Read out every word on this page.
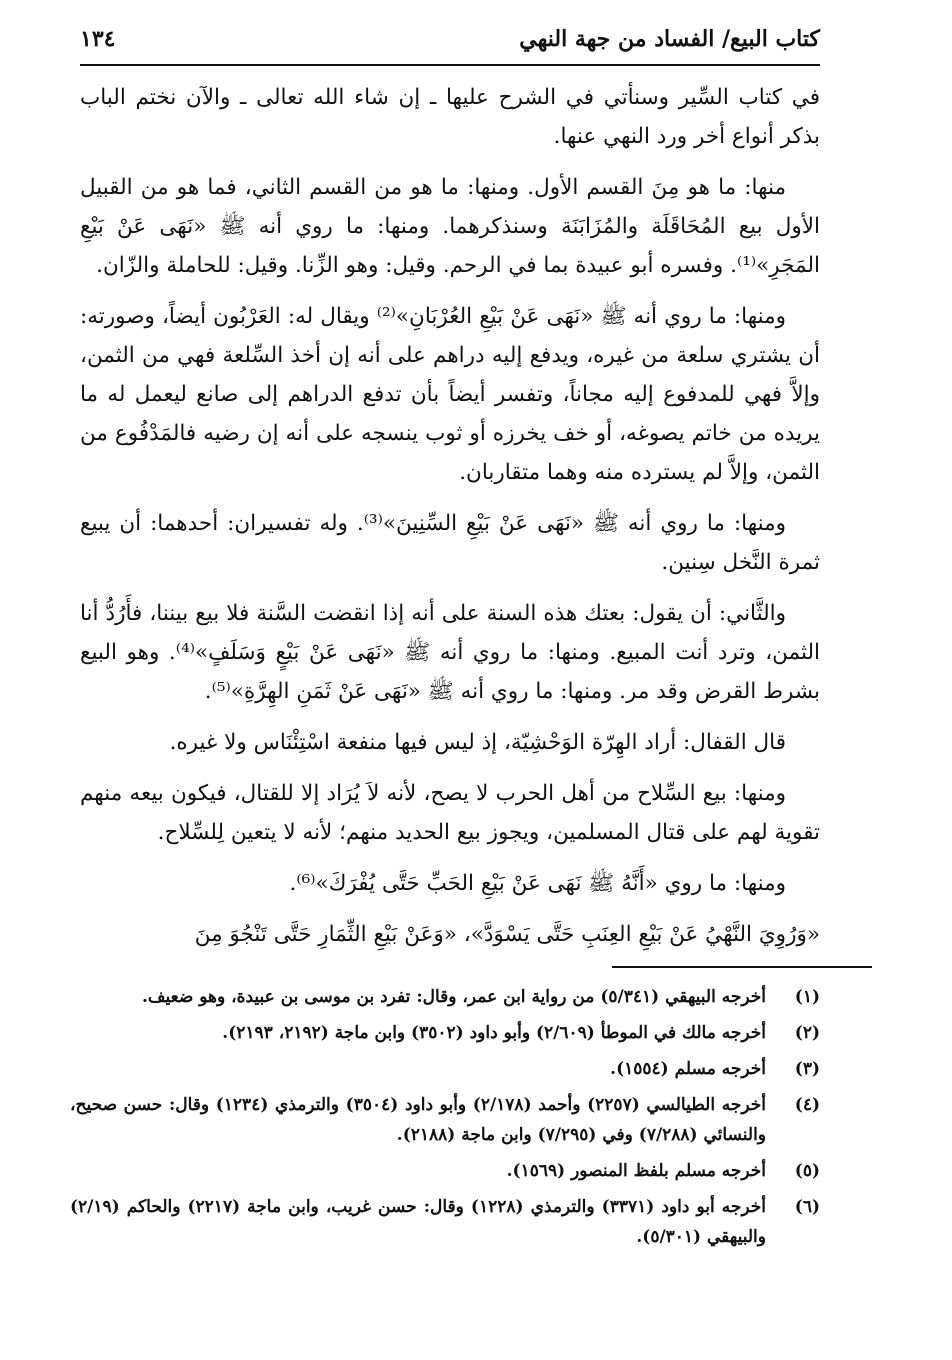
كتاب البيع/ الفساد من جهة النهي
١٣٤

في كتاب السِّير وسنأتي في الشرح عليها ـ إن شاء الله تعالى ـ والآن نختم الباب بذكر أنواع أخر ورد النهي عنها.

منها: ما هو مِنَ القسم الأول. ومنها: ما هو من القسم الثاني، فما هو من القبيل الأول بيع المُحَاقَلَة والمُزَابَنَة وسنذكرهما. ومنها: ما روي أنه ﷺ «نَهَى عَنْ بَيْعِ المَجَرِ»⁽¹⁾. وفسره أبو عبيدة بما في الرحم. وقيل: وهو الزِّنا. وقيل: للحاملة والزّان.

ومنها: ما روي أنه ﷺ «نَهَى عَنْ بَيْعِ العُرْبَانِ»⁽²⁾ ويقال له: العَرْبُون أيضاً، وصورته: أن يشتري سلعة من غيره، ويدفع إليه دراهم على أنه إن أخذ السِّلعة فهي من الثمن، وإلاَّ فهي للمدفوع إليه مجاناً، وتفسر أيضاً بأن تدفع الدراهم إلى صانع ليعمل له ما يريده من خاتم يصوغه، أو خف يخرزه أو ثوب ينسجه على أنه إن رضيه فالمَدْفُوع من الثمن، وإلاَّ لم يسترده منه وهما متقاربان.

ومنها: ما روي أنه ﷺ «نَهَى عَنْ بَيْعِ السِّنِينَ»⁽³⁾. وله تفسيران: أحدهما: أن يبيع ثمرة النَّخل سِنين.

والثَّاني: أن يقول: بعتك هذه السنة على أنه إذا انقضت السَّنة فلا بيع بيننا، فأَرُدُّ أنا الثمن، وترد أنت المبيع. ومنها: ما روي أنه ﷺ «نَهَى عَنْ بَيْعٍ وَسَلَفٍ»⁽⁴⁾. وهو البيع بشرط القرض وقد مر. ومنها: ما روي أنه ﷺ «نَهَى عَنْ ثَمَنِ الهِرَّةِ»⁽⁵⁾.

قال القفال: أراد الهِرّة الوَحْشِيّة، إذ ليس فيها منفعة اسْتِئْنَاس ولا غيره.

ومنها: بيع السِّلاح من أهل الحرب لا يصح، لأنه لاَ يُرَاد إلا للقتال، فيكون بيعه منهم تقوية لهم على قتال المسلمين، ويجوز بيع الحديد منهم؛ لأنه لا يتعين لِلسِّلاح.

ومنها: ما روي «أَنَّهُ ﷺ نَهَى عَنْ بَيْعِ الحَبِّ حَتَّى يُفْرَكَ»⁽⁶⁾.

«وَرُوِيَ النَّهْيُ عَنْ بَيْعِ العِنَبِ حَتَّى يَسْوَدَّ»، «وَعَنْ بَيْعِ الثِّمَارِ حَتَّى تَنْجُوَ مِنَ

(١)
أخرجه البيهقي (٥/٣٤١) من رواية ابن عمر، وقال: تفرد بن موسى بن عبيدة، وهو ضعيف.
(٢)
أخرجه مالك في الموطأ (٢/٦٠٩) وأبو داود (٣٥٠٢) وابن ماجة (٢١٩٢، ٢١٩٣).
(٣)
أخرجه مسلم (١٥٥٤).
(٤)
أخرجه الطيالسي (٢٢٥٧) وأحمد (٢/١٧٨) وأبو داود (٣٥٠٤) والترمذي (١٢٣٤) وقال: حسن صحيح، والنسائي (٧/٢٨٨) وفي (٧/٢٩٥) وابن ماجة (٢١٨٨).
(٥)
أخرجه مسلم بلفظ المنصور (١٥٦٩).
(٦)
أخرجه أبو داود (٣٣٧١) والترمذي (١٢٢٨) وقال: حسن غريب، وابن ماجة (٢٢١٧) والحاكم (٢/١٩) والبيهقي (٥/٣٠١).
